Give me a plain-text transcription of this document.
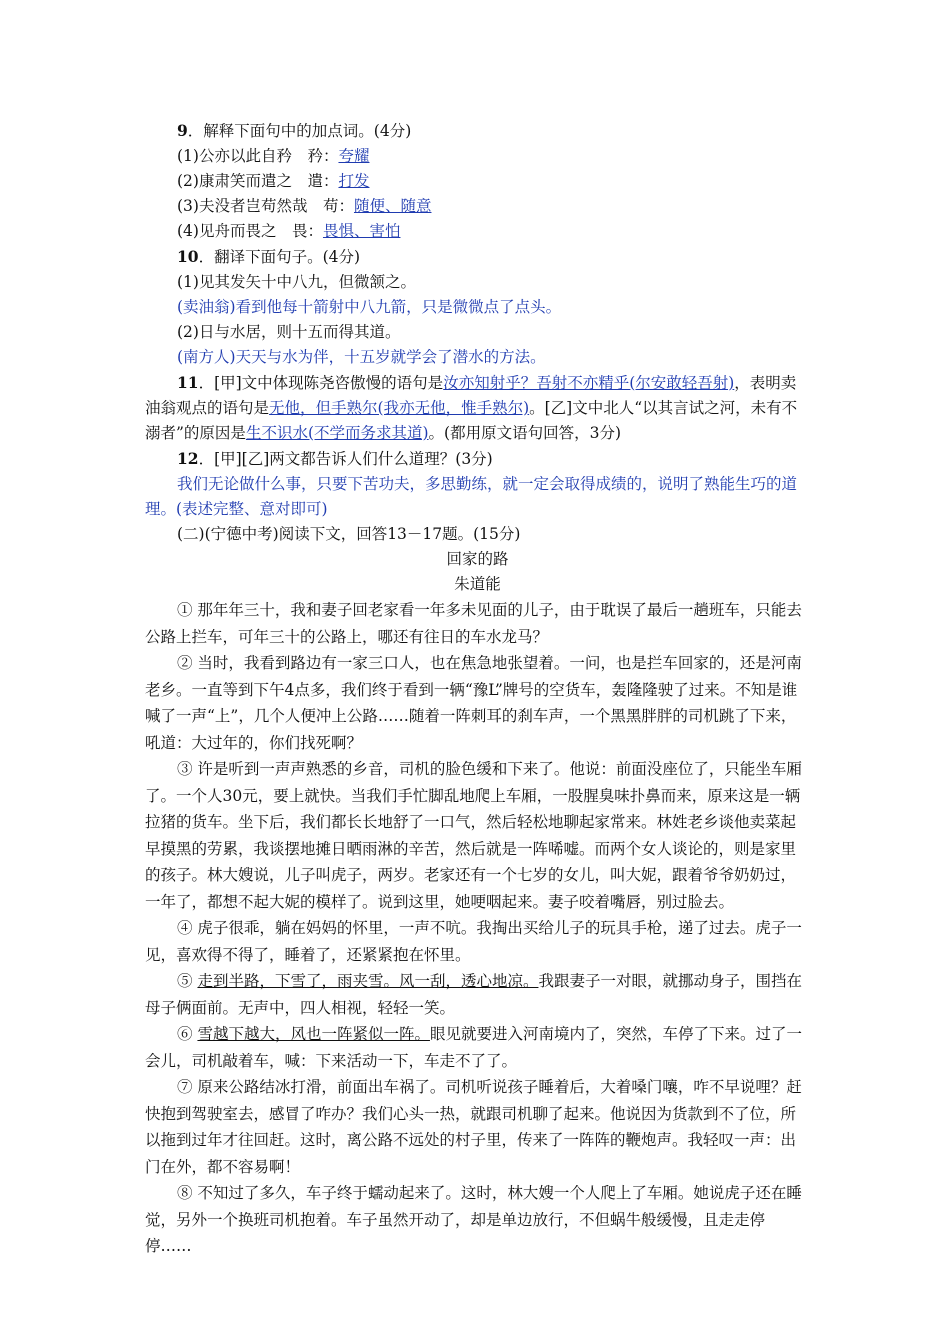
9．解释下面句中的加点词。(4分)
(1)公亦以此自矜　矜：夸耀
(2)康肃笑而遣之　遣：打发
(3)夫没者岂苟然哉　苟：随便、随意
(4)见舟而畏之　畏：畏惧、害怕
10．翻译下面句子。(4分)
(1)见其发矢十中八九，但微颔之。
(卖油翁)看到他每十箭射中八九箭，只是微微点了点头。
(2)日与水居，则十五而得其道。
(南方人)天天与水为伴，十五岁就学会了潜水的方法。
11．[甲]文中体现陈尧咨傲慢的语句是汝亦知射乎？吾射不亦精乎(尔安敢轻吾射)，表明卖油翁观点的语句是无他，但手熟尔(我亦无他，惟手熟尔)。[乙]文中北人“以其言试之河，未有不溺者”的原因是生不识水(不学而务求其道)。(都用原文语句回答，3分)
12．[甲][乙]两文都告诉人们什么道理？(3分)
我们无论做什么事，只要下苦功夫，多思勤练，就一定会取得成绩的，说明了熟能生巧的道理。(表述完整、意对即可)
(二)(宁德中考)阅读下文，回答13－17题。(15分)
回家的路
朱道能
① 那年年三十，我和妻子回老家看一年多未见面的儿子，由于耽误了最后一趟班车，只能去公路上拦车，可年三十的公路上，哪还有往日的车水龙马？
② 当时，我看到路边有一家三口人，也在焦急地张望着。一问，也是拦车回家的，还是河南老乡。一直等到下午4点多，我们终于看到一辆“豫L”牌号的空货车，轰隆隆驶了过来。不知是谁喊了一声“上”，几个人便冲上公路……随着一阵刺耳的刹车声，一个黑黑胖胖的司机跳了下来，吼道：大过年的，你们找死啊？
③ 许是听到一声声熟悉的乡音，司机的脸色缓和下来了。他说：前面没座位了，只能坐车厢了。一个人30元，要上就快。当我们手忙脚乱地爬上车厢，一股腥臭味扑鼻而来，原来这是一辆拉猪的货车。坐下后，我们都长长地舒了一口气，然后轻松地聊起家常来。林姓老乡谈他卖菜起早摸黑的劳累，我谈摆地摊日晒雨淋的辛苦，然后就是一阵唏嘘。而两个女人谈论的，则是家里的孩子。林大嫂说，儿子叫虎子，两岁。老家还有一个七岁的女儿，叫大妮，跟着爷爷奶奶过，一年了，都想不起大妮的模样了。说到这里，她哽咽起来。妻子咬着嘴唇，别过脸去。
④ 虎子很乖，躺在妈妈的怀里，一声不吭。我掏出买给儿子的玩具手枪，递了过去。虎子一见，喜欢得不得了，睡着了，还紧紧抱在怀里。
⑤ 走到半路，下雪了，雨夹雪。风一刮，透心地凉。我跟妻子一对眼，就挪动身子，围挡在母子俩面前。无声中，四人相视，轻轻一笑。
⑥ 雪越下越大，风也一阵紧似一阵。眼见就要进入河南境内了，突然，车停了下来。过了一会儿，司机敲着车，喊：下来活动一下，车走不了了。
⑦ 原来公路结冰打滑，前面出车祸了。司机听说孩子睡着后，大着嗓门嚷，咋不早说哩？赶快抱到驾驶室去，感冒了咋办？我们心头一热，就跟司机聊了起来。他说因为货款到不了位，所以拖到过年才往回赶。这时，离公路不远处的村子里，传来了一阵阵的鞭炮声。我轻叹一声：出门在外，都不容易啊！
⑧ 不知过了多久，车子终于蠕动起来了。这时，林大嫂一个人爬上了车厢。她说虎子还在睡觉，另外一个换班司机抱着。车子虽然开动了，却是单边放行，不但蜗牛般缓慢，且走走停停……
